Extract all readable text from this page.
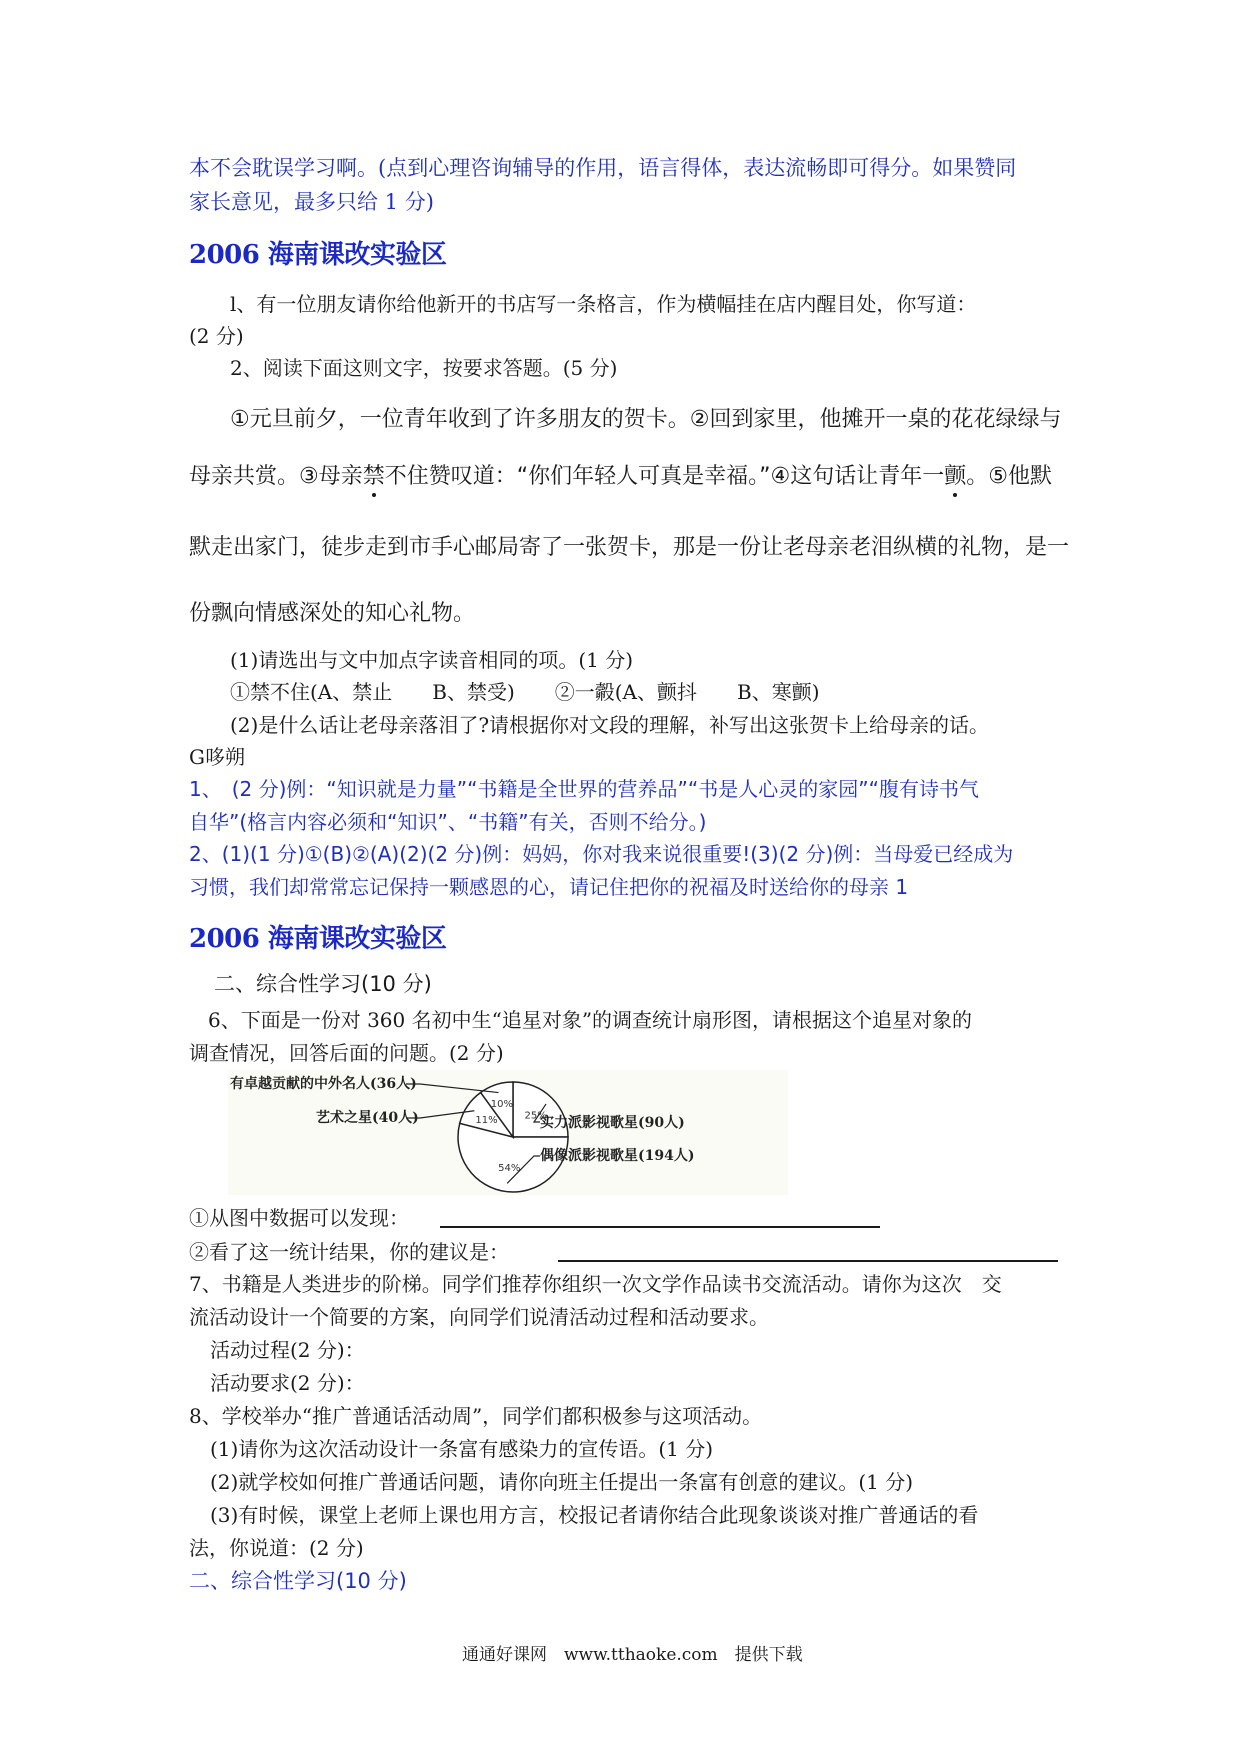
本不会耽误学习啊。(点到心理咨询辅导的作用，语言得体，表达流畅即可得分。如果赞同
家长意见，最多只给 1 分)
2006 海南课改实验区
l、有一位朋友请你给他新开的书店写一条格言，作为横幅挂在店内醒目处，你写道：
(2 分)
2、阅读下面这则文字，按要求答题。(5 分)
①元旦前夕，一位青年收到了许多朋友的贺卡。②回到家里，他摊开一桌的花花绿绿与
母亲共赏。③母亲禁不住赞叹道：“你们年轻人可真是幸福。”④这句话让青年一颤。⑤他默
默走出家门，徒步走到市手心邮局寄了一张贺卡，那是一份让老母亲老泪纵横的礼物，是一
份飘向情感深处的知心礼物。
(1)请选出与文中加点字读音相同的项。(1 分)
①禁不住(A、禁止　　B、禁受)　　②一㲉(A、颤抖　　B、寒颤)
(2)是什么话让老母亲落泪了?请根据你对文段的理解，补写出这张贺卡上给母亲的话。
G哆朔
1、　(2 分)例：“知识就是力量”“书籍是全世界的营养品”“书是人心灵的家园”“腹有诗书气
自华”(格言内容必须和“知识”、“书籍”有关，否则不给分。)
2、(1)(1 分)①(B)②(A)(2)(2 分)例：妈妈，你对我来说很重要!(3)(2 分)例：当母爱已经成为
习惯，我们却常常忘记保持一颗感恩的心，请记住把你的祝福及时送给你的母亲 1
2006 海南课改实验区
二、综合性学习(10 分)
6、下面是一份对 360 名初中生“追星对象”的调查统计扇形图，请根据这个追星对象的
调查情况，回答后面的问题。(2 分)
10%
11%	25%
54%
有卓越贡献的中外名人(36人)
艺术之星(40人)	实力派影视歌星(90人)
偶像派影视歌星(194人)
①从图中数据可以发现：
②看了这一统计结果，你的建议是：
7、书籍是人类进步的阶梯。同学们推荐你组织一次文学作品读书交流活动。请你为这次　交
流活动设计一个简要的方案，向同学们说清活动过程和活动要求。
活动过程(2 分)：
活动要求(2 分)：
8、学校举办“推广普通话活动周”，同学们都积极参与这项活动。
(1)请你为这次活动设计一条富有感染力的宣传语。(1 分)
(2)就学校如何推广普通话问题，请你向班主任提出一条富有创意的建议。(1 分)
(3)有时候，课堂上老师上课也用方言，校报记者请你结合此现象谈谈对推广普通话的看
法，你说道：(2 分)
二、综合性学习(10 分)
通通好课网　www.tthaoke.com　提供下载
